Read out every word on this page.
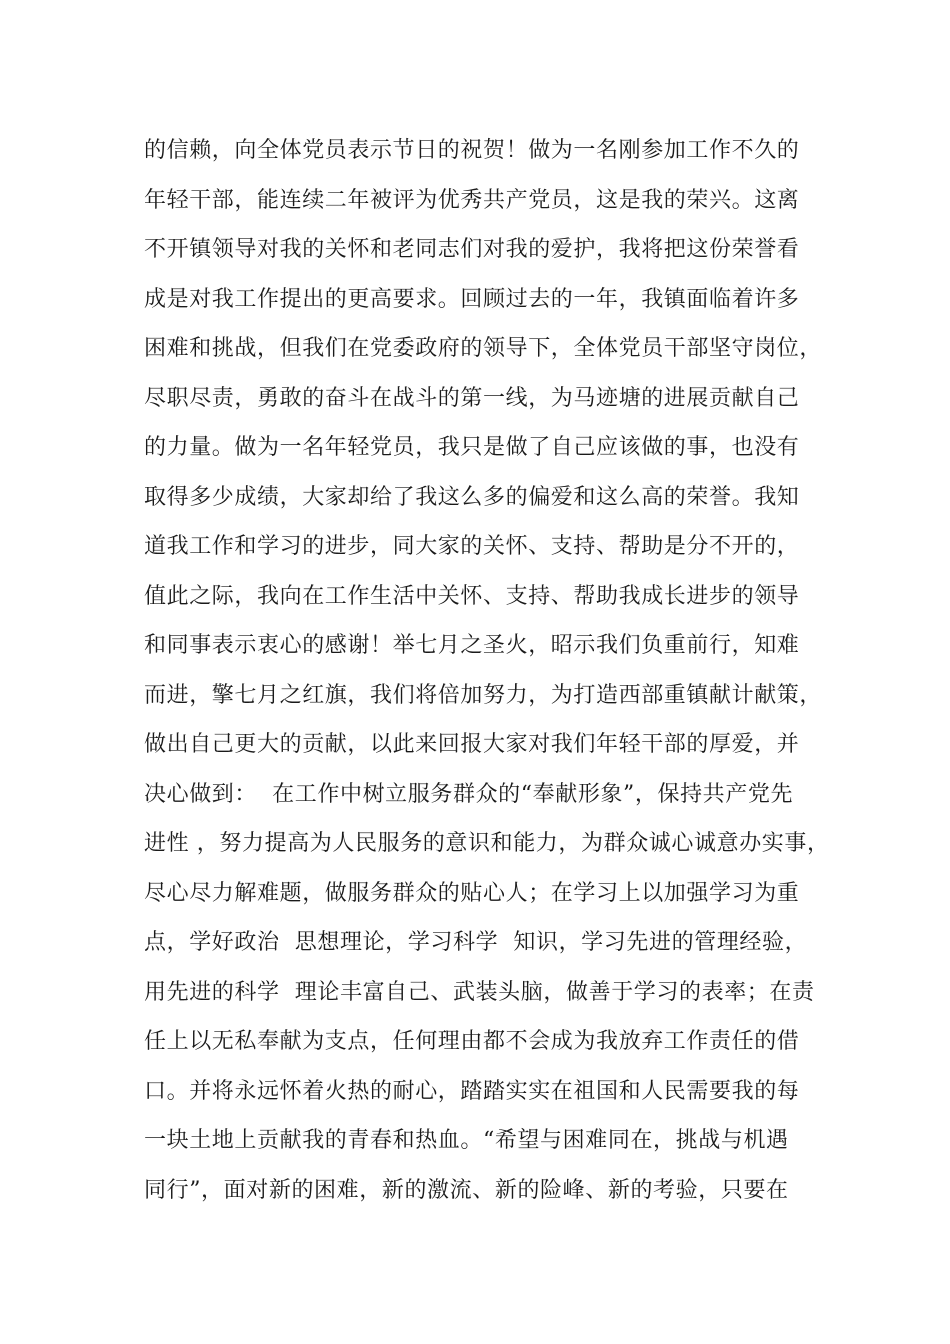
的信赖，向全体党员表示节日的祝贺！做为一名刚参加工作不久的
年轻干部，能连续二年被评为优秀共产党员，这是我的荣兴。这离
不开镇领导对我的关怀和老同志们对我的爱护，我将把这份荣誉看
成是对我工作提出的更高要求。回顾过去的一年，我镇面临着许多
困难和挑战，但我们在党委政府的领导下，全体党员干部坚守岗位，
尽职尽责，勇敢的奋斗在战斗的第一线，为马迹塘的进展贡献自己
的力量。做为一名年轻党员，我只是做了自己应该做的事，也没有
取得多少成绩，大家却给了我这么多的偏爱和这么高的荣誉。我知
道我工作和学习的进步，同大家的关怀、支持、帮助是分不开的，
值此之际，我向在工作生活中关怀、支持、帮助我成长进步的领导
和同事表示衷心的感谢！举七月之圣火，昭示我们负重前行，知难
而进，擎七月之红旗，我们将倍加努力，为打造西部重镇献计献策，
做出自己更大的贡献，以此来回报大家对我们年轻干部的厚爱，并
决心做到：  在工作中树立服务群众的“奉献形象”，保持共产党先
进性 ，努力提高为人民服务的意识和能力，为群众诚心诚意办实事，
尽心尽力解难题，做服务群众的贴心人；在学习上以加强学习为重
点，学好政治  思想理论，学习科学  知识，学习先进的管理经验，
用先进的科学  理论丰富自己、武装头脑，做善于学习的表率；在责
任上以无私奉献为支点，任何理由都不会成为我放弃工作责任的借
口。并将永远怀着火热的耐心，踏踏实实在祖国和人民需要我的每
一块土地上贡献我的青春和热血。“希望与困难同在，挑战与机遇
同行”，面对新的困难，新的激流、新的险峰、新的考验，只要在
